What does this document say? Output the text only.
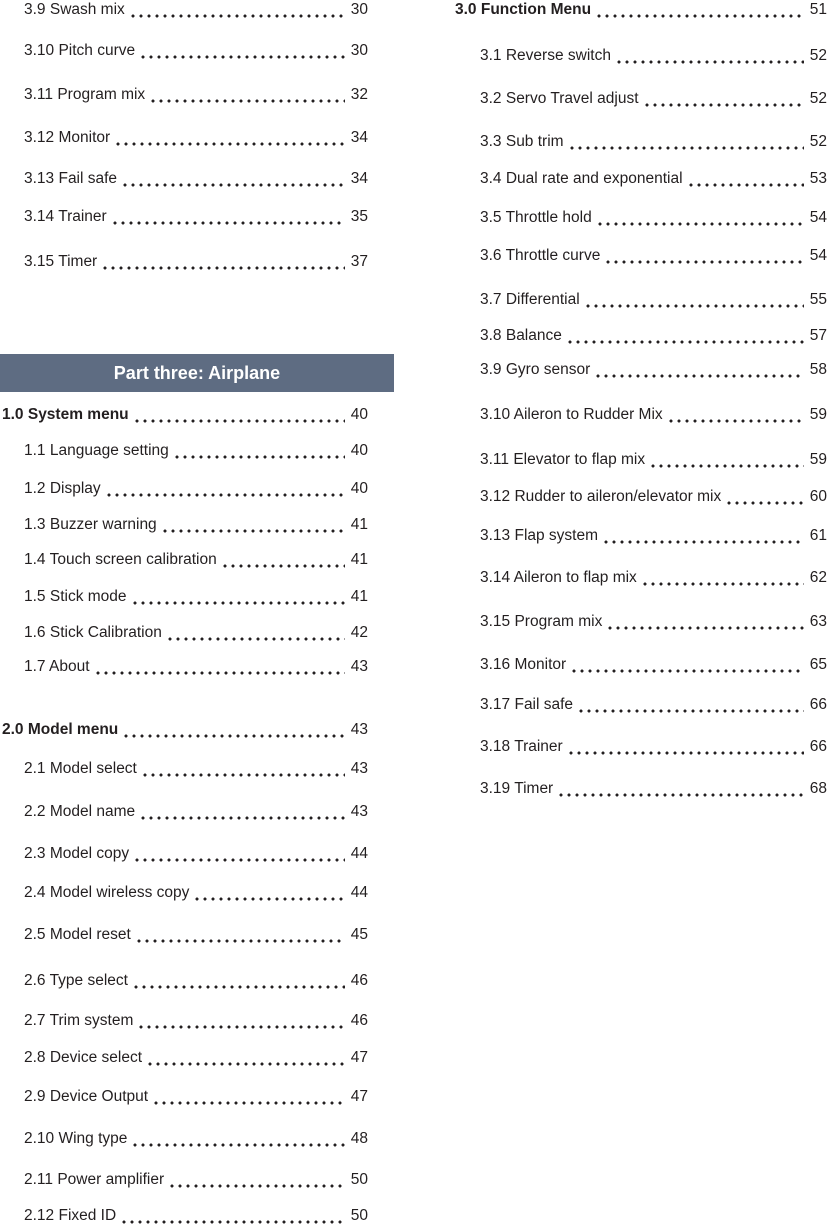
3.9 Swash mix	30
3.10 Pitch curve	30
3.11 Program mix	32
3.12 Monitor	34
3.13 Fail safe	34
3.14 Trainer	35
3.15 Timer	37
Part three: Airplane
1.0 System menu	40
1.1 Language setting	40
1.2 Display	40
1.3 Buzzer warning	41
1.4 Touch screen calibration	41
1.5 Stick mode	41
1.6 Stick Calibration	42
1.7 About	43
2.0 Model menu	43
2.1 Model select	43
2.2 Model name	43
2.3 Model copy	44
2.4 Model wireless copy	44
2.5 Model reset	45
2.6 Type select	46
2.7 Trim system	46
2.8 Device select	47
2.9 Device Output	47
2.10 Wing type	48
2.11 Power amplifier	50
2.12 Fixed ID	50
3.0 Function Menu	51
3.1 Reverse switch	52
3.2 Servo Travel adjust	52
3.3 Sub trim	52
3.4 Dual rate and exponential	53
3.5 Throttle hold	54
3.6 Throttle curve	54
3.7 Differential	55
3.8 Balance	57
3.9 Gyro sensor	58
3.10 Aileron to Rudder Mix	59
3.11 Elevator to flap mix	59
3.12 Rudder to aileron/elevator mix	60
3.13 Flap system	61
3.14 Aileron to flap mix	62
3.15 Program mix	63
3.16 Monitor	65
3.17 Fail safe	66
3.18 Trainer	66
3.19 Timer	68
